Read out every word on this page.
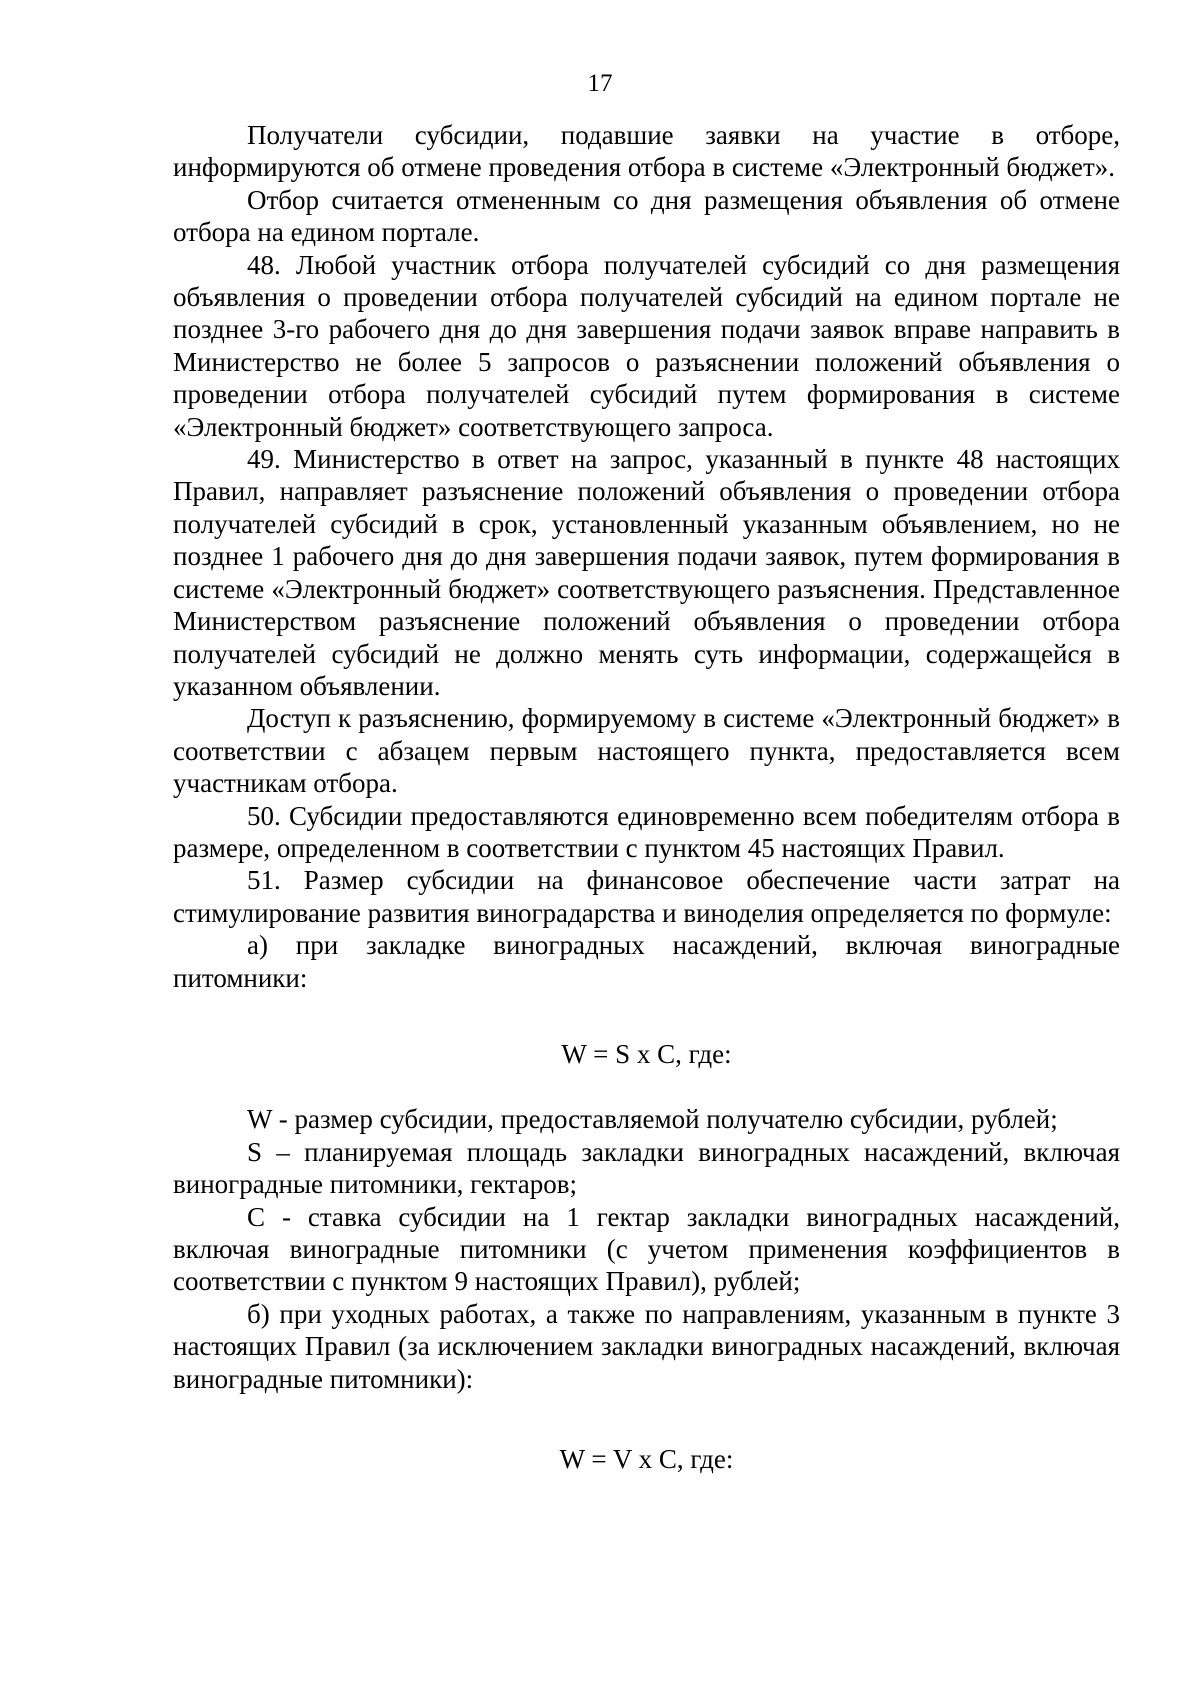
17

Получатели субсидии, подавшие заявки на участие в отборе, информируются об отмене проведения отбора в системе «Электронный бюджет».

Отбор считается отмененным со дня размещения объявления об отмене отбора на едином портале.

48. Любой участник отбора получателей субсидий со дня размещения объявления о проведении отбора получателей субсидий на едином портале не позднее 3-го рабочего дня до дня завершения подачи заявок вправе направить в Министерство не более 5 запросов о разъяснении положений объявления о проведении отбора получателей субсидий путем формирования в системе «Электронный бюджет» соответствующего запроса.

49. Министерство в ответ на запрос, указанный в пункте 48 настоящих Правил, направляет разъяснение положений объявления о проведении отбора получателей субсидий в срок, установленный указанным объявлением, но не позднее 1 рабочего дня до дня завершения подачи заявок, путем формирования в системе «Электронный бюджет» соответствующего разъяснения. Представленное Министерством разъяснение положений объявления о проведении отбора получателей субсидий не должно менять суть информации, содержащейся в указанном объявлении.

Доступ к разъяснению, формируемому в системе «Электронный бюджет» в соответствии с абзацем первым настоящего пункта, предоставляется всем участникам отбора.

50. Субсидии предоставляются единовременно всем победителям отбора в размере, определенном в соответствии с пунктом 45 настоящих Правил.

51. Размер субсидии на финансовое обеспечение части затрат на стимулирование развития виноградарства и виноделия определяется по формуле:

а) при закладке виноградных насаждений, включая виноградные питомники:

W = S x C, где:

W - размер субсидии, предоставляемой получателю субсидии, рублей;

S – планируемая площадь закладки виноградных насаждений, включая виноградные питомники, гектаров;

С - ставка субсидии на 1 гектар закладки виноградных насаждений, включая виноградные питомники (с учетом применения коэффициентов в соответствии с пунктом 9 настоящих Правил), рублей;

б) при уходных работах, а также по направлениям, указанным в пункте 3 настоящих Правил (за исключением закладки виноградных насаждений, включая виноградные питомники):

W = V x C, где:
